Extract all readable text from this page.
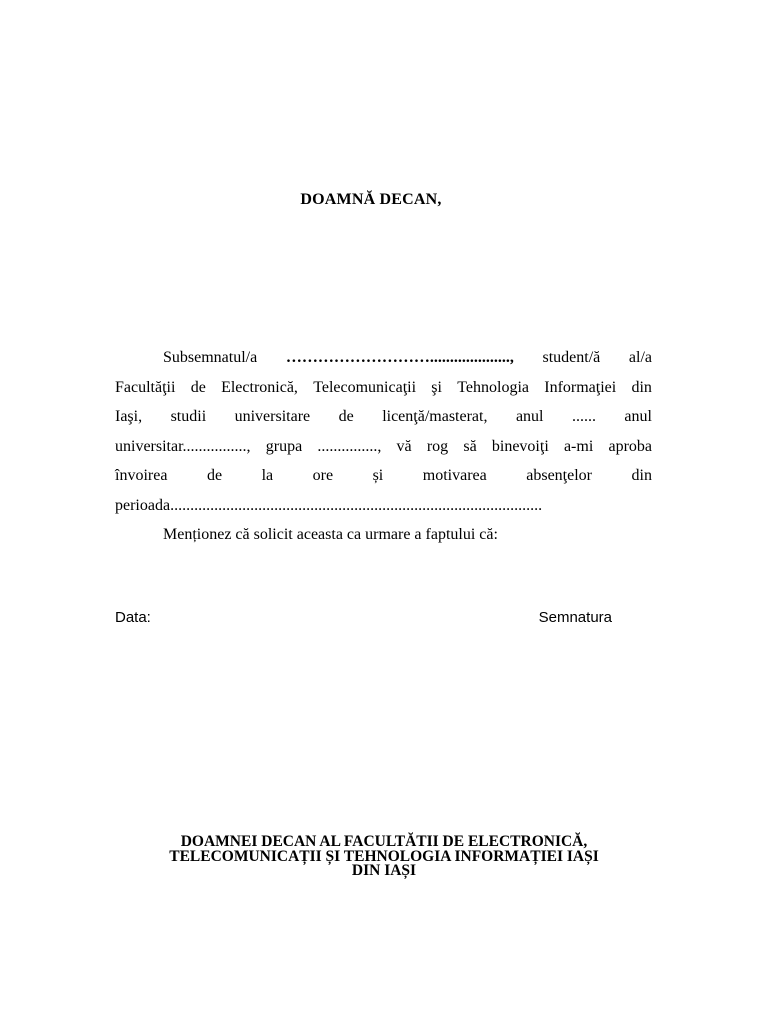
DOAMNĂ DECAN,
Subsemnatul/a ………………………...................., student/ă al/a
Facultăţii de Electronică, Telecomunicaţii şi Tehnologia Informaţiei din
Iaşi, studii universitare de licenţă/masterat, anul ...... anul
universitar................, grupa ..............., vă rog să binevoiţi a-mi aproba
învoirea de la ore și motivarea absenţelor din
perioada.............................................................................................
Menționez că solicit aceasta ca urmare a faptului că:
Data:	Semnatura
DOAMNEI DECAN AL FACULTĂTII DE ELECTRONICĂ,
TELECOMUNICAȚII ȘI TEHNOLOGIA INFORMAȚIEI IAȘI
DIN IAȘI
